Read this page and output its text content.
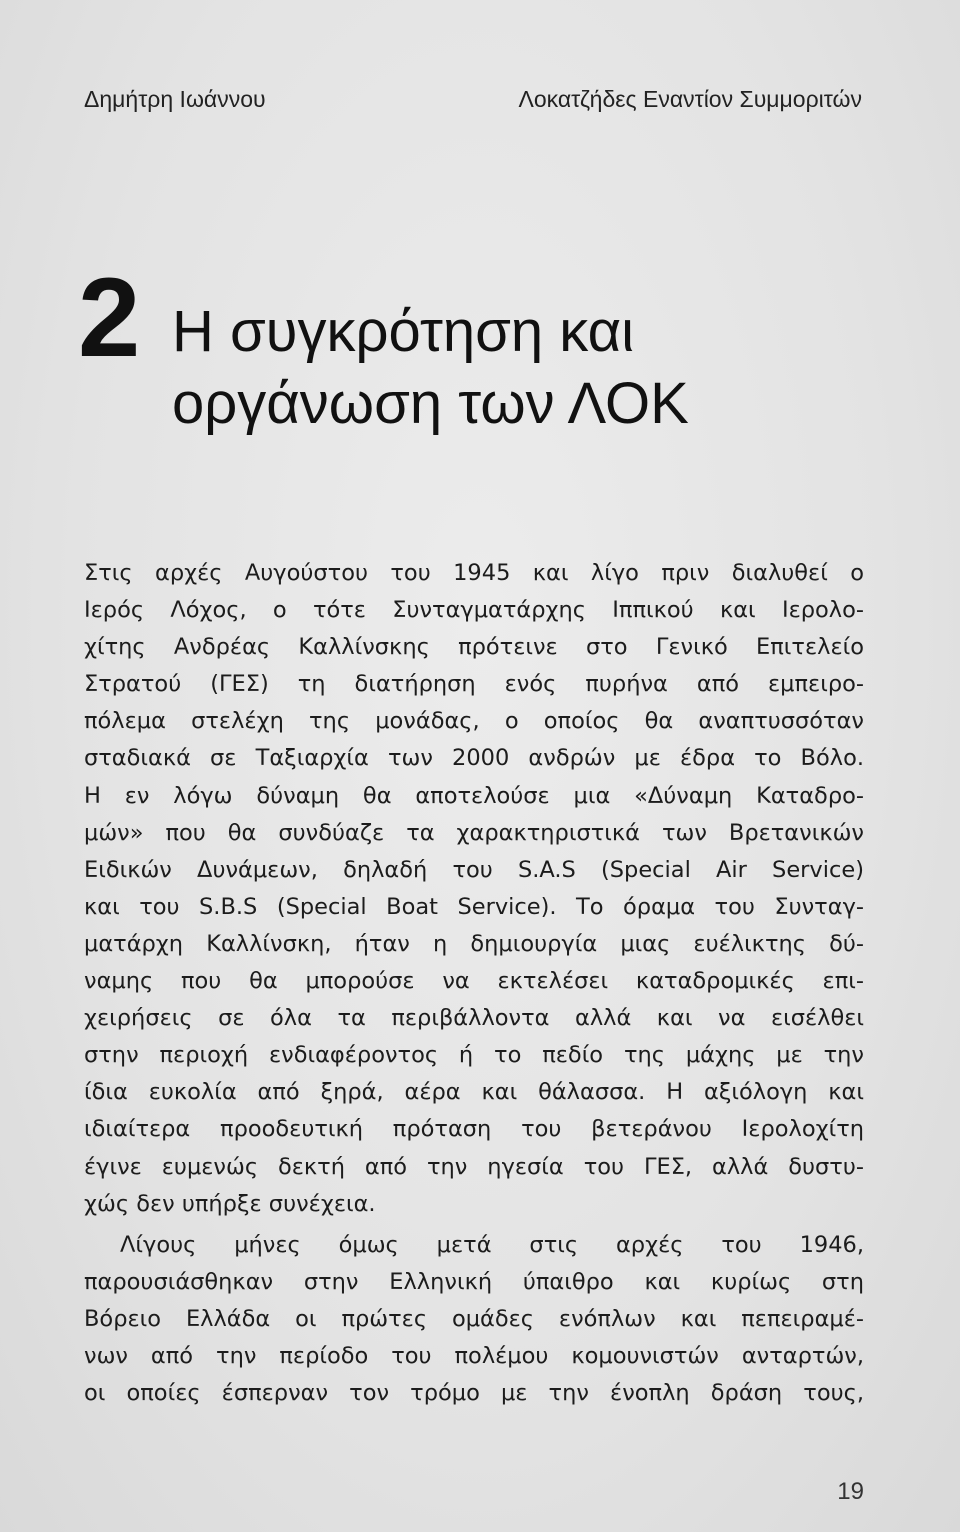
Δημήτρη Ιωάννου	Λοκατζήδες Εναντίον Συμμοριτών
2 Η συγκρότηση και
οργάνωση των ΛΟΚ
Στις αρχές Αυγούστου του 1945 και λίγο πριν διαλυθεί ο
Ιερός Λόχος, ο τότε Συνταγματάρχης Ιππικού και Ιερολο-
χίτης Ανδρέας Καλλίνσκης πρότεινε στο Γενικό Επιτελείο
Στρατού (ΓΕΣ) τη διατήρηση ενός πυρήνα από εμπειρο-
πόλεμα στελέχη της μονάδας, ο οποίος θα αναπτυσσόταν
σταδιακά σε Ταξιαρχία των 2000 ανδρών με έδρα το Βόλο.
Η εν λόγω δύναμη θα αποτελούσε μια «Δύναμη Καταδρο-
μών» που θα συνδύαζε τα χαρακτηριστικά των Βρετανικών
Ειδικών Δυνάμεων, δηλαδή του S.A.S (Special Air Service)
και του S.B.S (Special Boat Service). Το όραμα του Συνταγ-
ματάρχη Καλλίνσκη, ήταν η δημιουργία μιας ευέλικτης δύ-
ναμης που θα μπορούσε να εκτελέσει καταδρομικές επι-
χειρήσεις σε όλα τα περιβάλλοντα αλλά και να εισέλθει
στην περιοχή ενδιαφέροντος ή το πεδίο της μάχης με την
ίδια ευκολία από ξηρά, αέρα και θάλασσα. Η αξιόλογη και
ιδιαίτερα προοδευτική πρόταση του βετεράνου Ιερολοχίτη
έγινε ευμενώς δεκτή από την ηγεσία του ΓΕΣ, αλλά δυστυ-
χώς δεν υπήρξε συνέχεια.
Λίγους μήνες όμως μετά στις αρχές του 1946,
παρουσιάσθηκαν στην Ελληνική ύπαιθρο και κυρίως στη
Βόρειο Ελλάδα οι πρώτες ομάδες ενόπλων και πεπειραμέ-
νων από την περίοδο του πολέμου κομουνιστών ανταρτών,
οι οποίες έσπερναν τον τρόμο με την ένοπλη δράση τους,
19
